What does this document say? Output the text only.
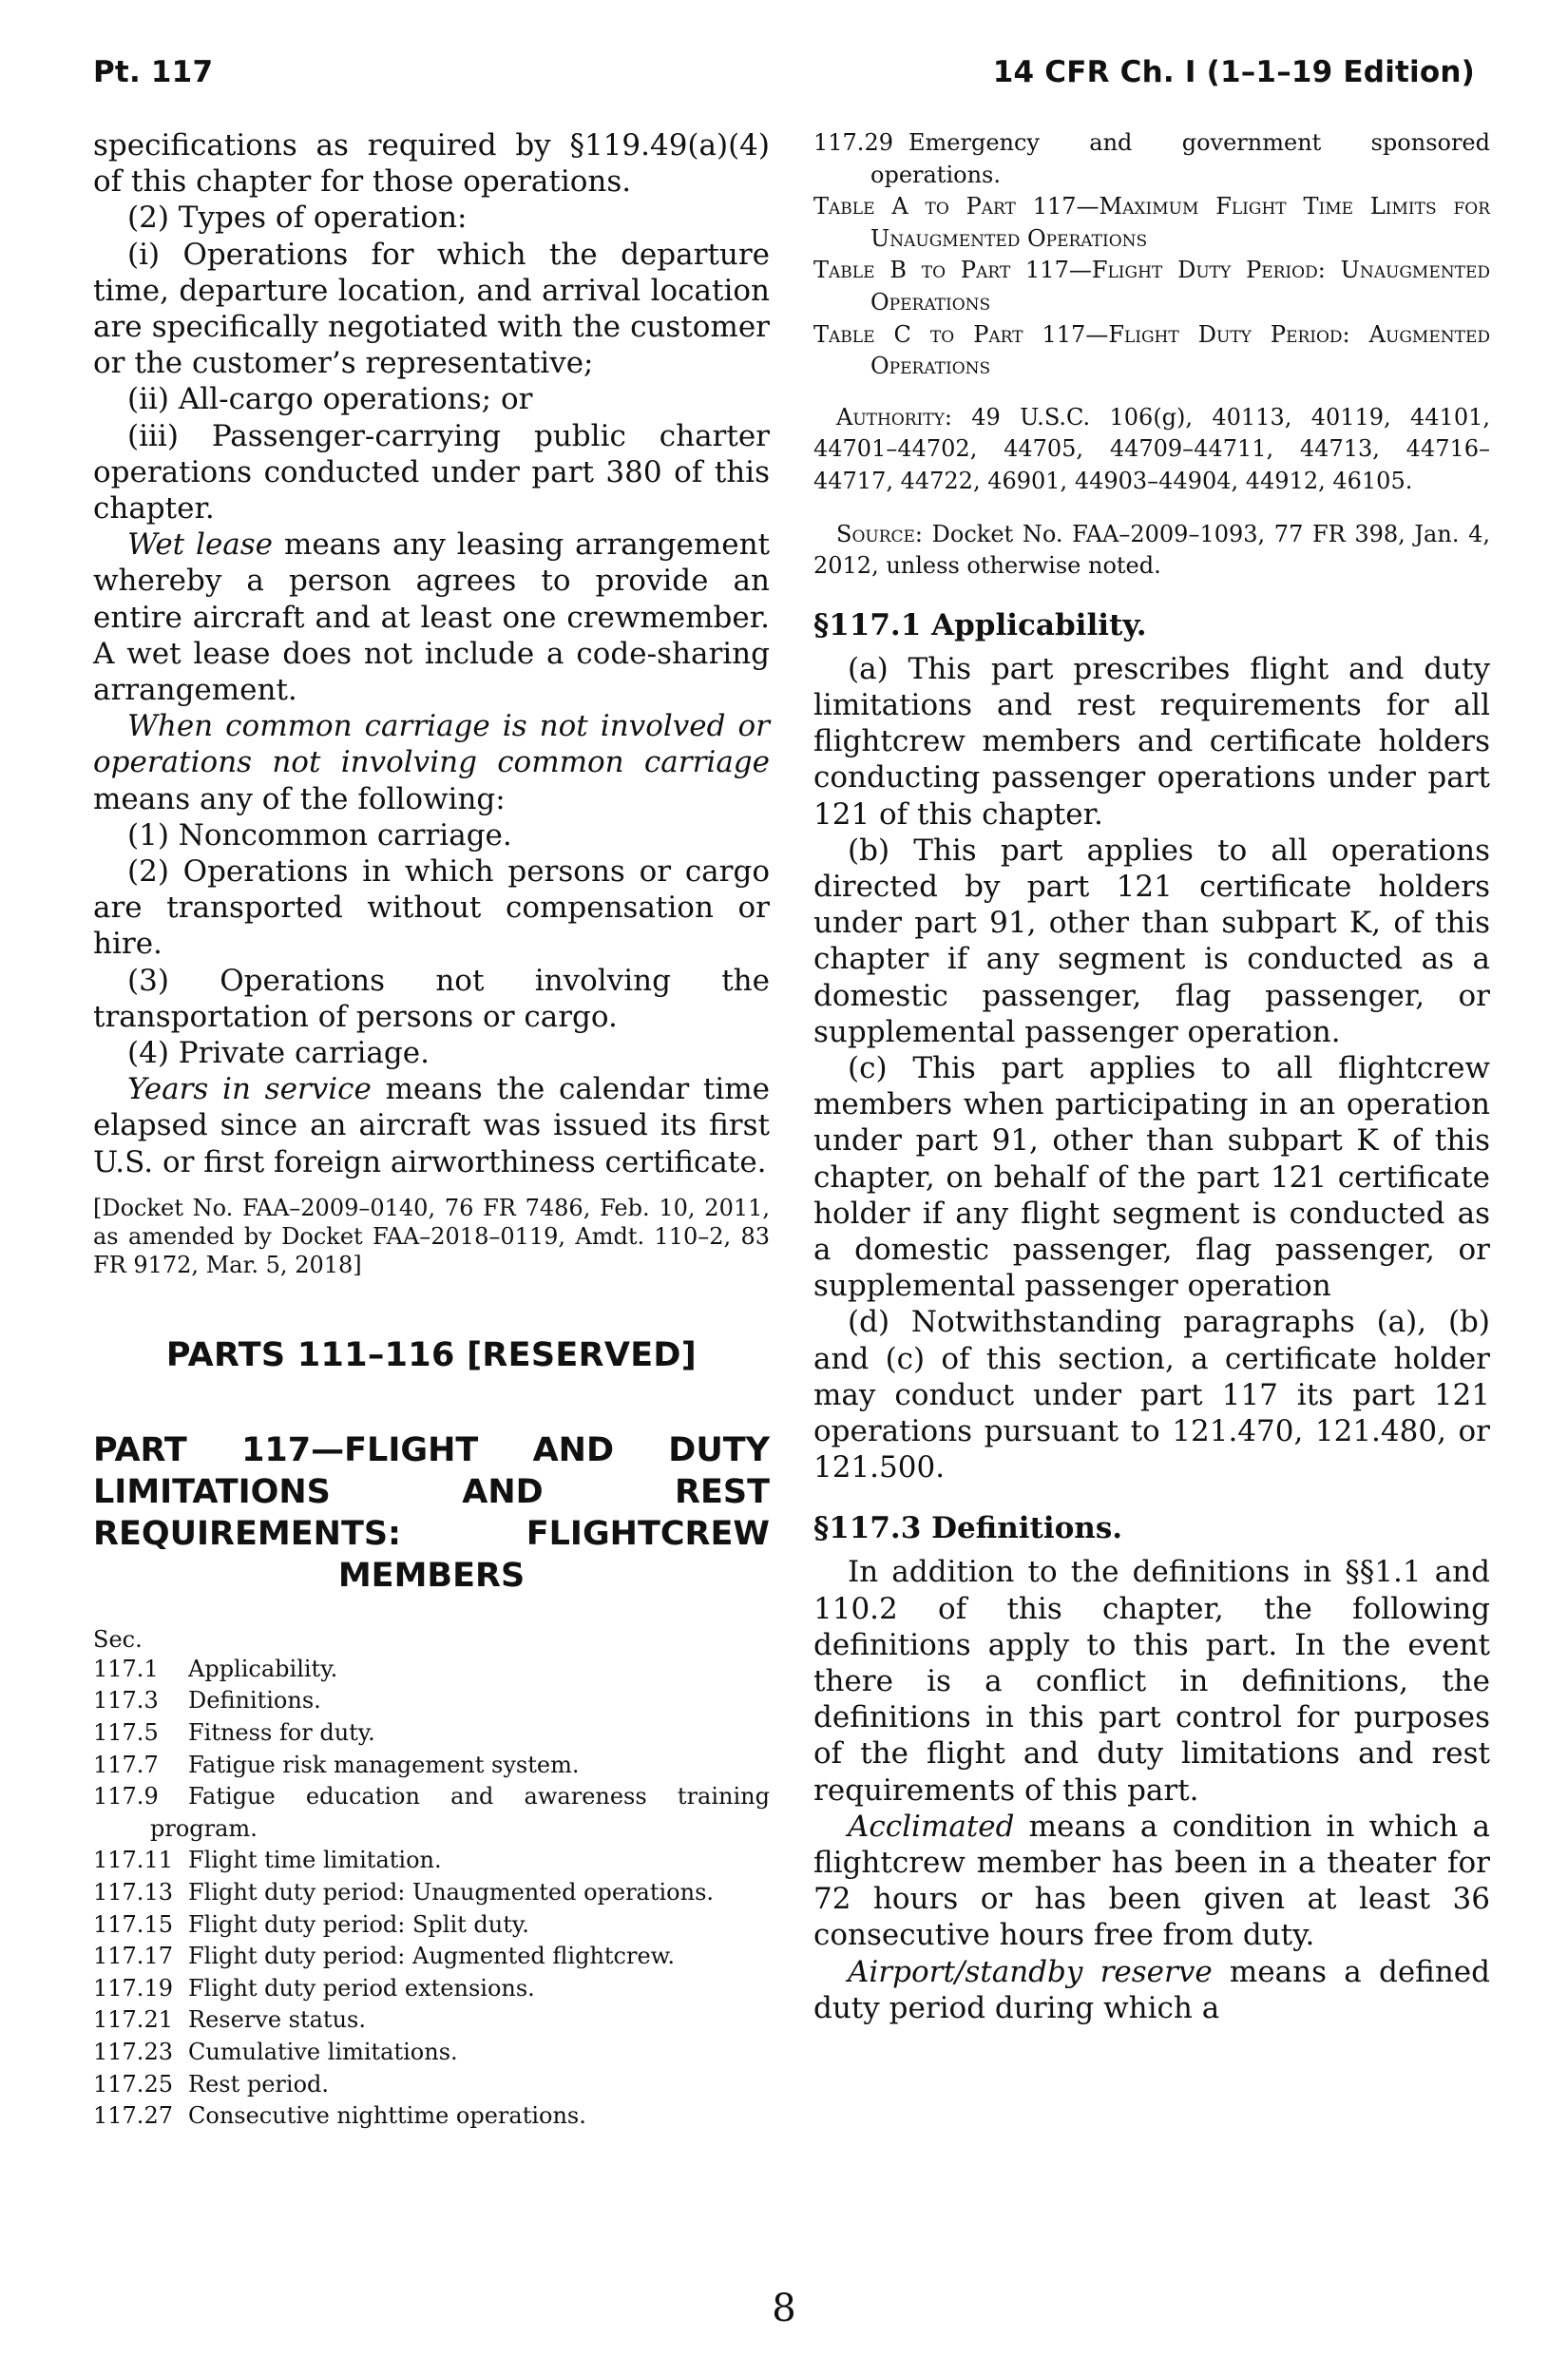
Pt. 117	14 CFR Ch. I (1–1–19 Edition)

specifications as required by §119.49(a)(4) of this chapter for those operations.

(2) Types of operation:

(i) Operations for which the departure time, departure location, and arrival location are specifically negotiated with the customer or the customer’s representative;

(ii) All-cargo operations; or

(iii) Passenger-carrying public charter operations conducted under part 380 of this chapter.

Wet lease means any leasing arrangement whereby a person agrees to provide an entire aircraft and at least one crewmember. A wet lease does not include a code-sharing arrangement.

When common carriage is not involved or operations not involving common carriage means any of the following:

(1) Noncommon carriage.

(2) Operations in which persons or cargo are transported without compensation or hire.

(3) Operations not involving the transportation of persons or cargo.

(4) Private carriage.

Years in service means the calendar time elapsed since an aircraft was issued its first U.S. or first foreign airworthiness certificate.

[Docket No. FAA–2009–0140, 76 FR 7486, Feb. 10, 2011, as amended by Docket FAA–2018–0119, Amdt. 110–2, 83 FR 9172, Mar. 5, 2018]

PARTS 111–116 [RESERVED]
PART 117—FLIGHT AND DUTY LIMITATIONS AND REST REQUIREMENTS: FLIGHTCREW MEMBERS
Sec.
117.1 Applicability.
117.3 Definitions.
117.5 Fitness for duty.
117.7 Fatigue risk management system.
117.9 Fatigue education and awareness training program.
117.11 Flight time limitation.
117.13 Flight duty period: Unaugmented operations.
117.15 Flight duty period: Split duty.
117.17 Flight duty period: Augmented flightcrew.
117.19 Flight duty period extensions.
117.21 Reserve status.
117.23 Cumulative limitations.
117.25 Rest period.
117.27 Consecutive nighttime operations.
117.29 Emergency and government sponsored operations.

Table A to Part 117—Maximum Flight Time Limits for Unaugmented Operations

Table B to Part 117—Flight Duty Period: Unaugmented Operations

Table C to Part 117—Flight Duty Period: Augmented Operations

Authority: 49 U.S.C. 106(g), 40113, 40119, 44101, 44701–44702, 44705, 44709–44711, 44713, 44716–44717, 44722, 46901, 44903–44904, 44912, 46105.

Source: Docket No. FAA–2009–1093, 77 FR 398, Jan. 4, 2012, unless otherwise noted.

§117.1 Applicability.

(a) This part prescribes flight and duty limitations and rest requirements for all flightcrew members and certificate holders conducting passenger operations under part 121 of this chapter.

(b) This part applies to all operations directed by part 121 certificate holders under part 91, other than subpart K, of this chapter if any segment is conducted as a domestic passenger, flag passenger, or supplemental passenger operation.

(c) This part applies to all flightcrew members when participating in an operation under part 91, other than subpart K of this chapter, on behalf of the part 121 certificate holder if any flight segment is conducted as a domestic passenger, flag passenger, or supplemental passenger operation

(d) Notwithstanding paragraphs (a), (b) and (c) of this section, a certificate holder may conduct under part 117 its part 121 operations pursuant to 121.470, 121.480, or 121.500.

§117.3 Definitions.

In addition to the definitions in §§1.1 and 110.2 of this chapter, the following definitions apply to this part. In the event there is a conflict in definitions, the definitions in this part control for purposes of the flight and duty limitations and rest requirements of this part.

Acclimated means a condition in which a flightcrew member has been in a theater for 72 hours or has been given at least 36 consecutive hours free from duty.

Airport/standby reserve means a defined duty period during which a

8
